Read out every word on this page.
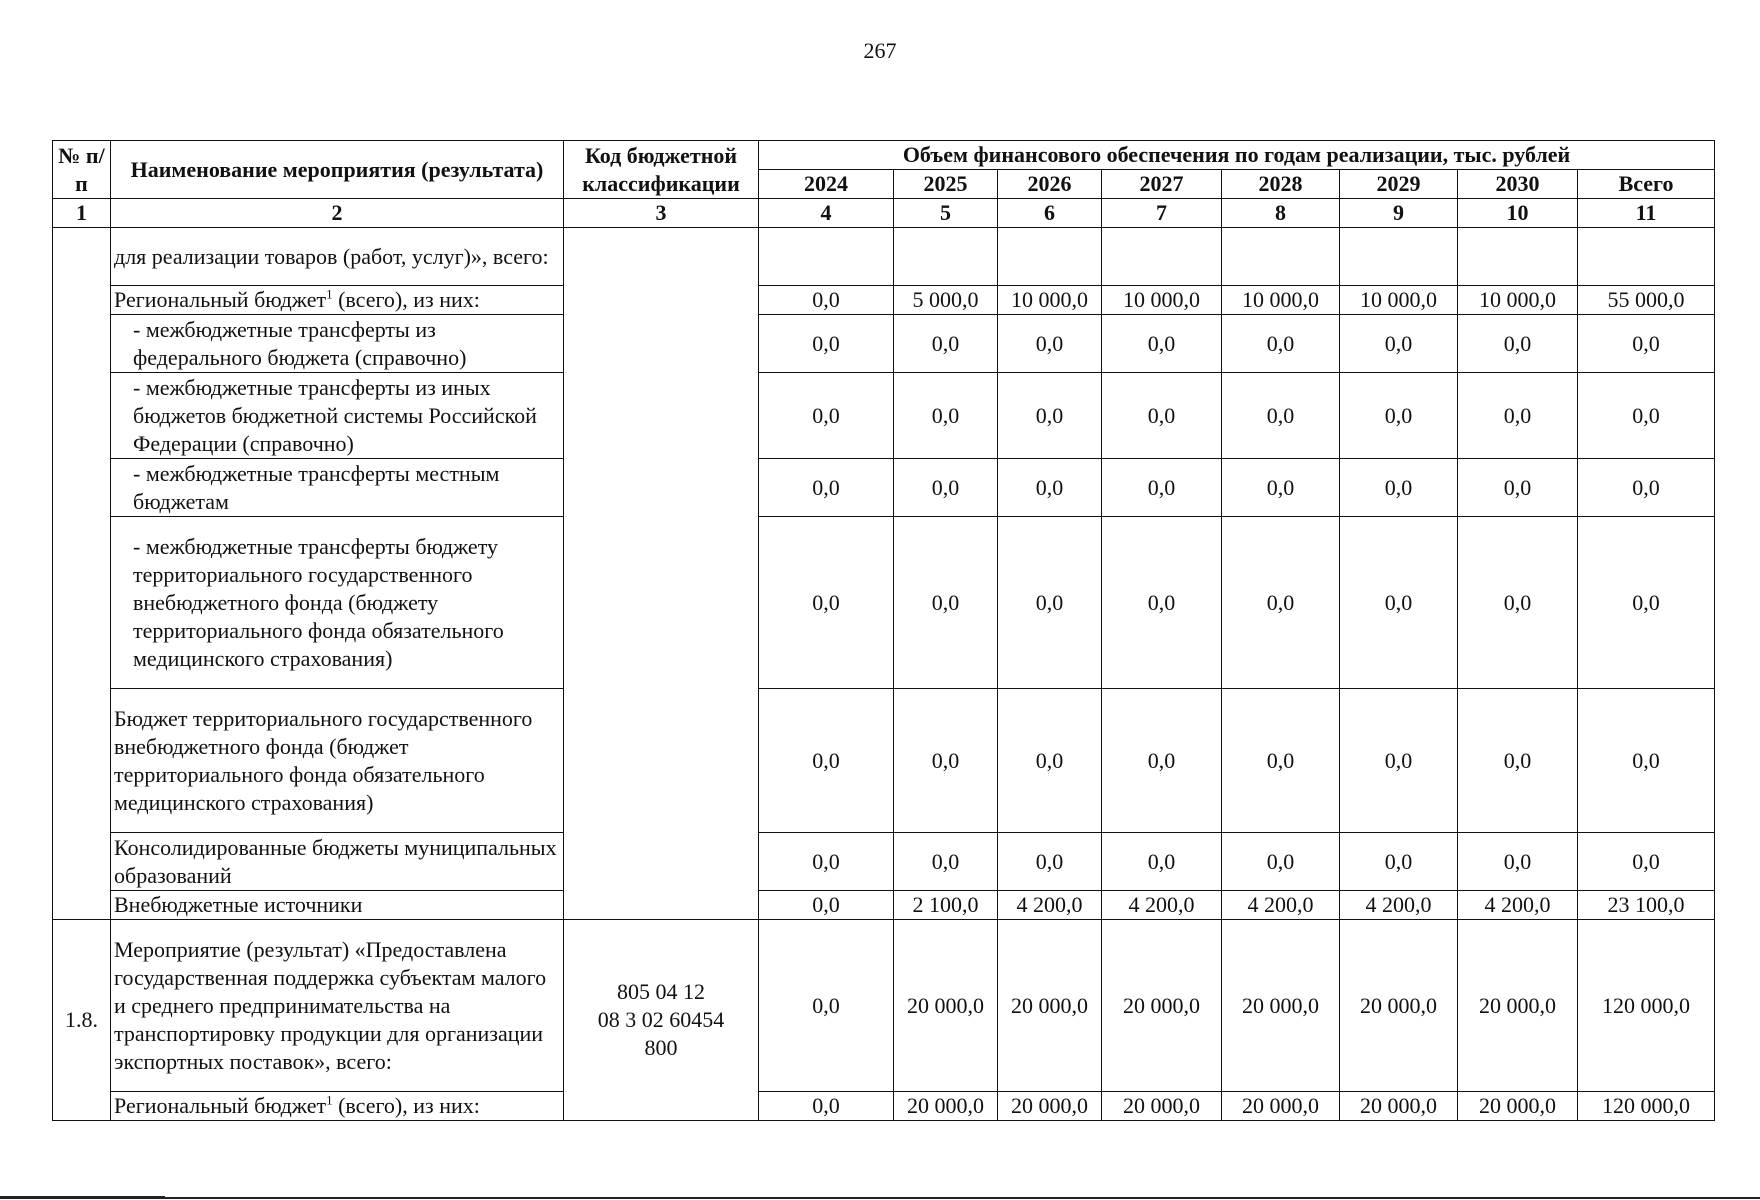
267
№ п/п	Наименование мероприятия (результата)	Код бюджетной классификации	Объем финансового обеспечения по годам реализации, тыс. рублей							
			2024	2025	2026	2027	2028	2029	2030	Всего
1	2	3	4	5	6	7	8	9	10	11
	для реализации товаров (работ, услуг)», всего:									
	Региональный бюджет$^1$ (всего), из них:		0,0	5 000,0	10 000,0	10 000,0	10 000,0	10 000,0	10 000,0	55 000,0
	- межбюджетные трансферты из федерального бюджета (справочно)		0,0	0,0	0,0	0,0	0,0	0,0	0,0	0,0
	- межбюджетные трансферты из иных бюджетов бюджетной системы Российской Федерации (справочно)		0,0	0,0	0,0	0,0	0,0	0,0	0,0	0,0
	- межбюджетные трансферты местным бюджетам		0,0	0,0	0,0	0,0	0,0	0,0	0,0	0,0
	- межбюджетные трансферты бюджету территориального государственного внебюджетного фонда (бюджету территориального фонда обязательного медицинского страхования)		0,0	0,0	0,0	0,0	0,0	0,0	0,0	0,0
	Бюджет территориального государственного внебюджетного фонда (бюджет территориального фонда обязательного медицинского страхования)		0,0	0,0	0,0	0,0	0,0	0,0	0,0	0,0
	Консолидированные бюджеты муниципальных образований		0,0	0,0	0,0	0,0	0,0	0,0	0,0	0,0
	Внебюджетные источники		0,0	2 100,0	4 200,0	4 200,0	4 200,0	4 200,0	4 200,0	23 100,0
1.8.	Мероприятие (результат) «Предоставлена государственная поддержка субъектам малого и среднего предпринимательства на транспортировку продукции для организации экспортных поставок», всего:	805 04 12
08 3 02 60454
800	0,0	20 000,0	20 000,0	20 000,0	20 000,0	20 000,0	20 000,0	120 000,0
	Региональный бюджет$^1$ (всего), из них:		0,0	20 000,0	20 000,0	20 000,0	20 000,0	20 000,0	20 000,0	120 000,0
